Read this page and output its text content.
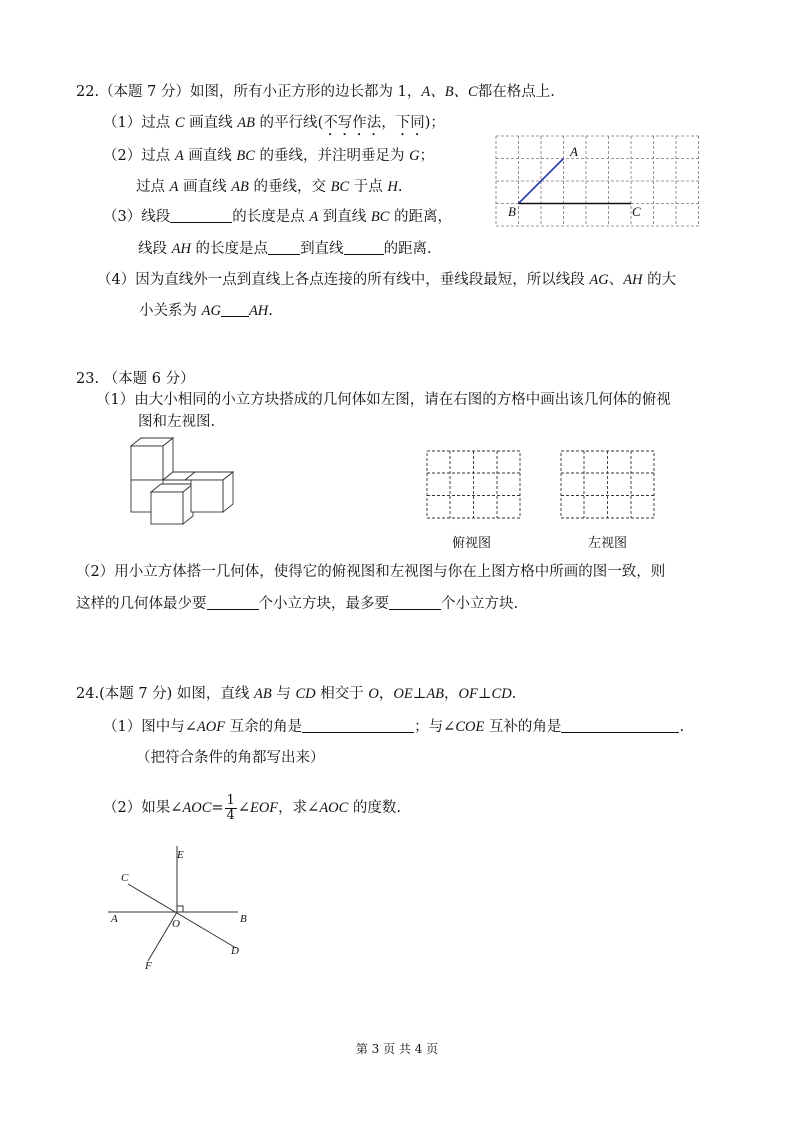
22.（本题 7 分）如图，所有小正方形的边长都为 1，A、B、C都在格点上.
（1）过点 C 画直线 AB 的平行线(不写作法，下同)；
（2）过点 A 画直线 BC 的垂线，并注明垂足为 G；
过点 A 画直线 AB 的垂线，交 BC 于点 H.
（3）线段	的长度是点 A 到直线 BC 的距离，
线段 AH 的长度是点 到直线	的距离.
（4）因为直线外一点到直线上各点连接的所有线中，垂线段最短，所以线段 AG、AH 的大
小关系为 AG AH.
A
B	C
23. （本题 6 分）
（1）由大小相同的小立方块搭成的几何体如左图，请在右图的方格中画出该几何体的俯视
图和左视图.
俯视图	左视图
（2）用小立方体搭一几何体，使得它的俯视图和左视图与你在上图方格中所画的图一致，则
这样的几何体最少要	个小立方块，最多要	个小立方块.
24.(本题 7 分) 如图，直线 AB 与 CD 相交于 O，OE⊥AB，OF⊥CD.
（1）图中与∠AOF 互余的角是	；与∠COE 互补的角是	.
（把符合条件的角都写出来）
（2）如果∠AOC= $\frac{1}{4}$ ∠EOF，求∠AOC 的度数.
E
C
A	B
O
D
F
第 3 页 共 4 页
